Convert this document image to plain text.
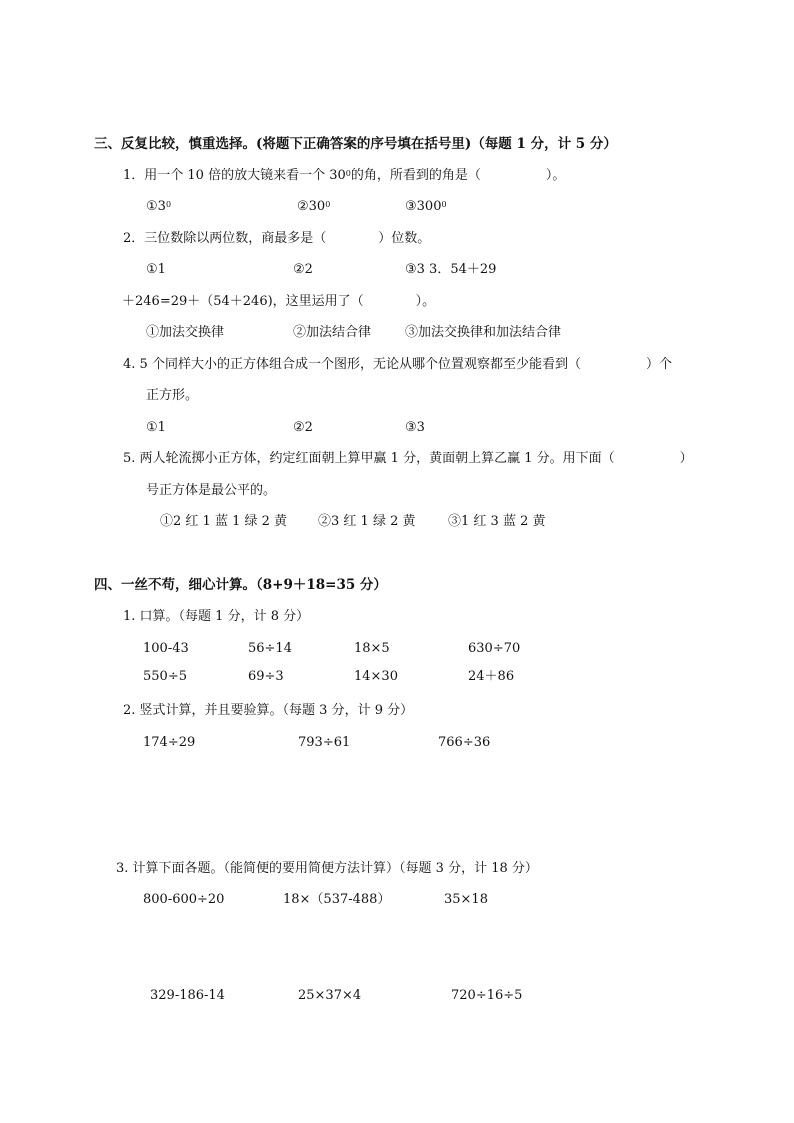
三、反复比较，慎重选择。(将题下正确答案的序号填在括号里)（每题 1 分，计 5 分）
1．用一个 10 倍的放大镜来看一个 $30^0$的角，所看到的角是（　　　　　）。
$①3^0$	$②30^0$	$③300^0$
2．三位数除以两位数，商最多是（　　　　）位数。
①1	②2	③3 3．54＋29
＋246=29＋（54＋246)，这里运用了（　　　　）。
①加法交换律	②加法结合律	③加法交换律和加法结合律
4. 5 个同样大小的正方体组合成一个图形，无论从哪个位置观察都至少能看到（　　　　　）个
正方形。
①1	②2	③3
5. 两人轮流掷小正方体，约定红面朝上算甲赢 1 分，黄面朝上算乙赢 1 分。用下面（　　　　　）
号正方体是最公平的。
①2 红 1 蓝 1 绿 2 黄 ②3 红 1 绿 2 黄	③1 红 3 蓝 2 黄
四、一丝不苟，细心计算。（8+9＋18=35 分）
1. 口算。（每题 1 分，计 8 分）
100-43	56÷14	18×5	630÷70
550÷5	69÷3	14×30	24＋86
2. 竖式计算，并且要验算。（每题 3 分，计 9 分）
174÷29	793÷61	766÷36
3. 计算下面各题。（能简便的要用简便方法计算）（每题 3 分，计 18 分）
800-600÷20	18×（537-488）	35×18
329-186-14	25×37×4	720÷16÷5
